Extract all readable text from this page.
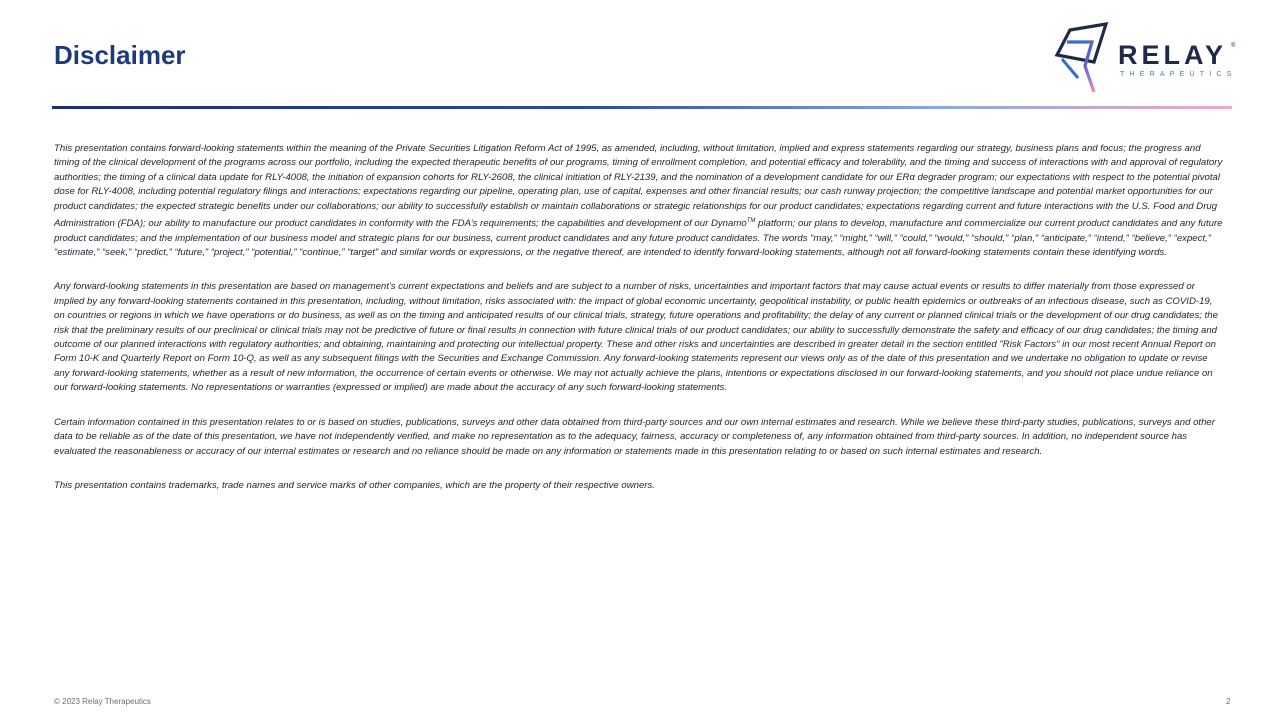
Disclaimer	RELAY ®
THERAPEUTICS

This presentation contains forward-looking statements within the meaning of the Private Securities Litigation Reform Act of 1995, as amended, including, without limitation, implied and express statements regarding our strategy, business plans and focus; the progress and timing of the clinical development of the programs across our portfolio, including the expected therapeutic benefits of our programs, timing of enrollment completion, and potential efficacy and tolerability, and the timing and success of interactions with and approval of regulatory authorities; the timing of a clinical data update for RLY-4008, the initiation of expansion cohorts for RLY-2608, the clinical initiation of RLY-2139, and the nomination of a development candidate for our ERα degrader program; our expectations with respect to the potential pivotal dose for RLY-4008, including potential regulatory filings and interactions; expectations regarding our pipeline, operating plan, use of capital, expenses and other financial results; our cash runway projection; the competitive landscape and potential market opportunities for our product candidates; the expected strategic benefits under our collaborations; our ability to successfully establish or maintain collaborations or strategic relationships for our product candidates; expectations regarding current and future interactions with the U.S. Food and Drug Administration (FDA); our ability to manufacture our product candidates in conformity with the FDA’s requirements; the capabilities and development of our Dynamo™ platform; our plans to develop, manufacture and commercialize our current product candidates and any future product candidates; and the implementation of our business model and strategic plans for our business, current product candidates and any future product candidates. The words “may,” “might,” “will,” “could,” “would,” “should,” “plan,” “anticipate,” “intend,” “believe,” “expect,” “estimate,” “seek,” “predict,” “future,” “project,” “potential,” “continue,” “target” and similar words or expressions, or the negative thereof, are intended to identify forward-looking statements, although not all forward-looking statements contain these identifying words.

Any forward-looking statements in this presentation are based on management's current expectations and beliefs and are subject to a number of risks, uncertainties and important factors that may cause actual events or results to differ materially from those expressed or implied by any forward-looking statements contained in this presentation, including, without limitation, risks associated with: the impact of global economic uncertainty, geopolitical instability, or public health epidemics or outbreaks of an infectious disease, such as COVID-19, on countries or regions in which we have operations or do business, as well as on the timing and anticipated results of our clinical trials, strategy, future operations and profitability; the delay of any current or planned clinical trials or the development of our drug candidates; the risk that the preliminary results of our preclinical or clinical trials may not be predictive of future or final results in connection with future clinical trials of our product candidates; our ability to successfully demonstrate the safety and efficacy of our drug candidates; the timing and outcome of our planned interactions with regulatory authorities; and obtaining, maintaining and protecting our intellectual property. These and other risks and uncertainties are described in greater detail in the section entitled "Risk Factors" in our most recent Annual Report on Form 10-K and Quarterly Report on Form 10-Q, as well as any subsequent filings with the Securities and Exchange Commission. Any forward-looking statements represent our views only as of the date of this presentation and we undertake no obligation to update or revise any forward-looking statements, whether as a result of new information, the occurrence of certain events or otherwise. We may not actually achieve the plans, intentions or expectations disclosed in our forward-looking statements, and you should not place undue reliance on our forward-looking statements. No representations or warranties (expressed or implied) are made about the accuracy of any such forward-looking statements.

Certain information contained in this presentation relates to or is based on studies, publications, surveys and other data obtained from third-party sources and our own internal estimates and research. While we believe these third-party studies, publications, surveys and other data to be reliable as of the date of this presentation, we have not independently verified, and make no representation as to the adequacy, fairness, accuracy or completeness of, any information obtained from third-party sources. In addition, no independent source has evaluated the reasonableness or accuracy of our internal estimates or research and no reliance should be made on any information or statements made in this presentation relating to or based on such internal estimates and research.

This presentation contains trademarks, trade names and service marks of other companies, which are the property of their respective owners.

© 2023 Relay Therapeutics	2
